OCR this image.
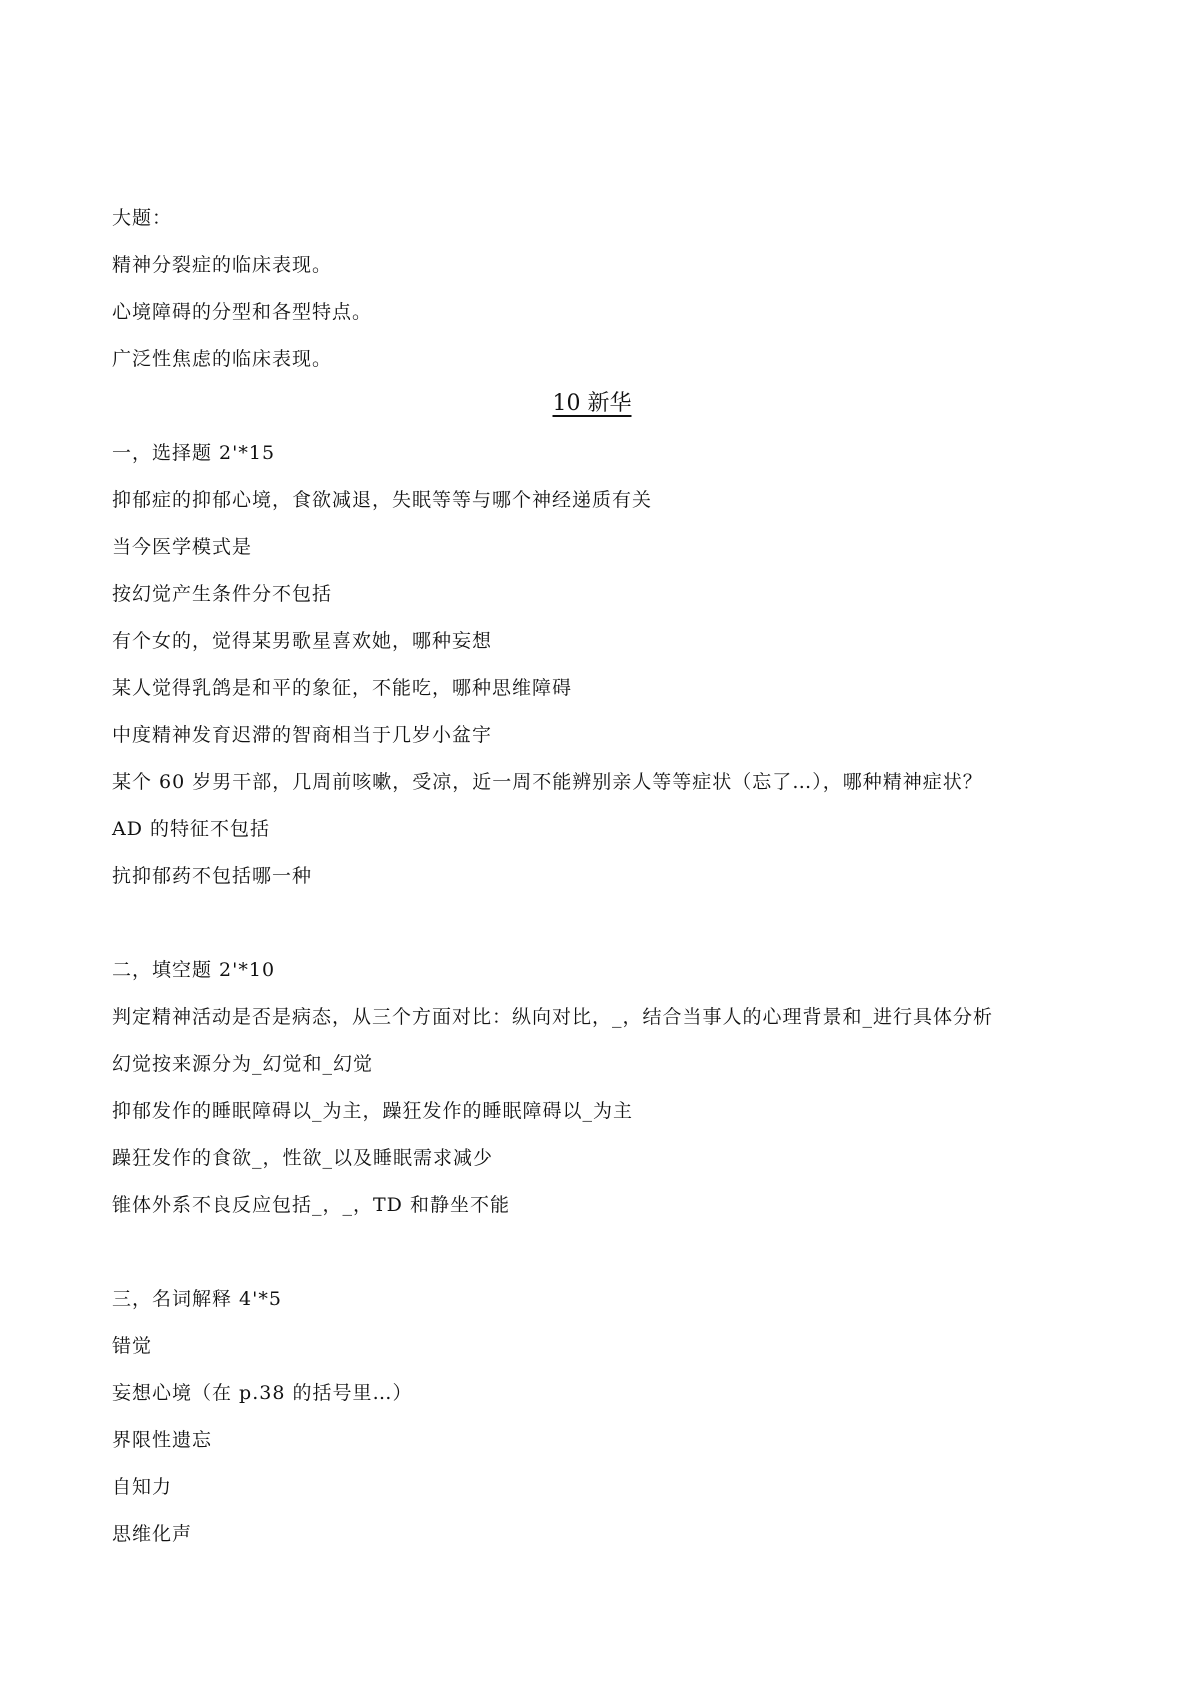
大题：
精神分裂症的临床表现。
心境障碍的分型和各型特点。
广泛性焦虑的临床表现。
10 新华
一，选择题 2'*15
抑郁症的抑郁心境，食欲减退，失眠等等与哪个神经递质有关
当今医学模式是
按幻觉产生条件分不包括
有个女的，觉得某男歌星喜欢她，哪种妄想
某人觉得乳鸽是和平的象征，不能吃，哪种思维障碍
中度精神发育迟滞的智商相当于几岁小盆宇
某个 60 岁男干部，几周前咳嗽，受凉，近一周不能辨别亲人等等症状（忘了…），哪种精神症状？
AD 的特征不包括
抗抑郁药不包括哪一种
二，填空题 2'*10
判定精神活动是否是病态，从三个方面对比：纵向对比，_，结合当事人的心理背景和_进行具体分析
幻觉按来源分为_幻觉和_幻觉
抑郁发作的睡眠障碍以_为主，躁狂发作的睡眠障碍以_为主
躁狂发作的食欲_，性欲_以及睡眠需求减少
锥体外系不良反应包括_，_，TD 和静坐不能
三，名词解释 4'*5
错觉
妄想心境（在 p.38 的括号里…）
界限性遗忘
自知力
思维化声
